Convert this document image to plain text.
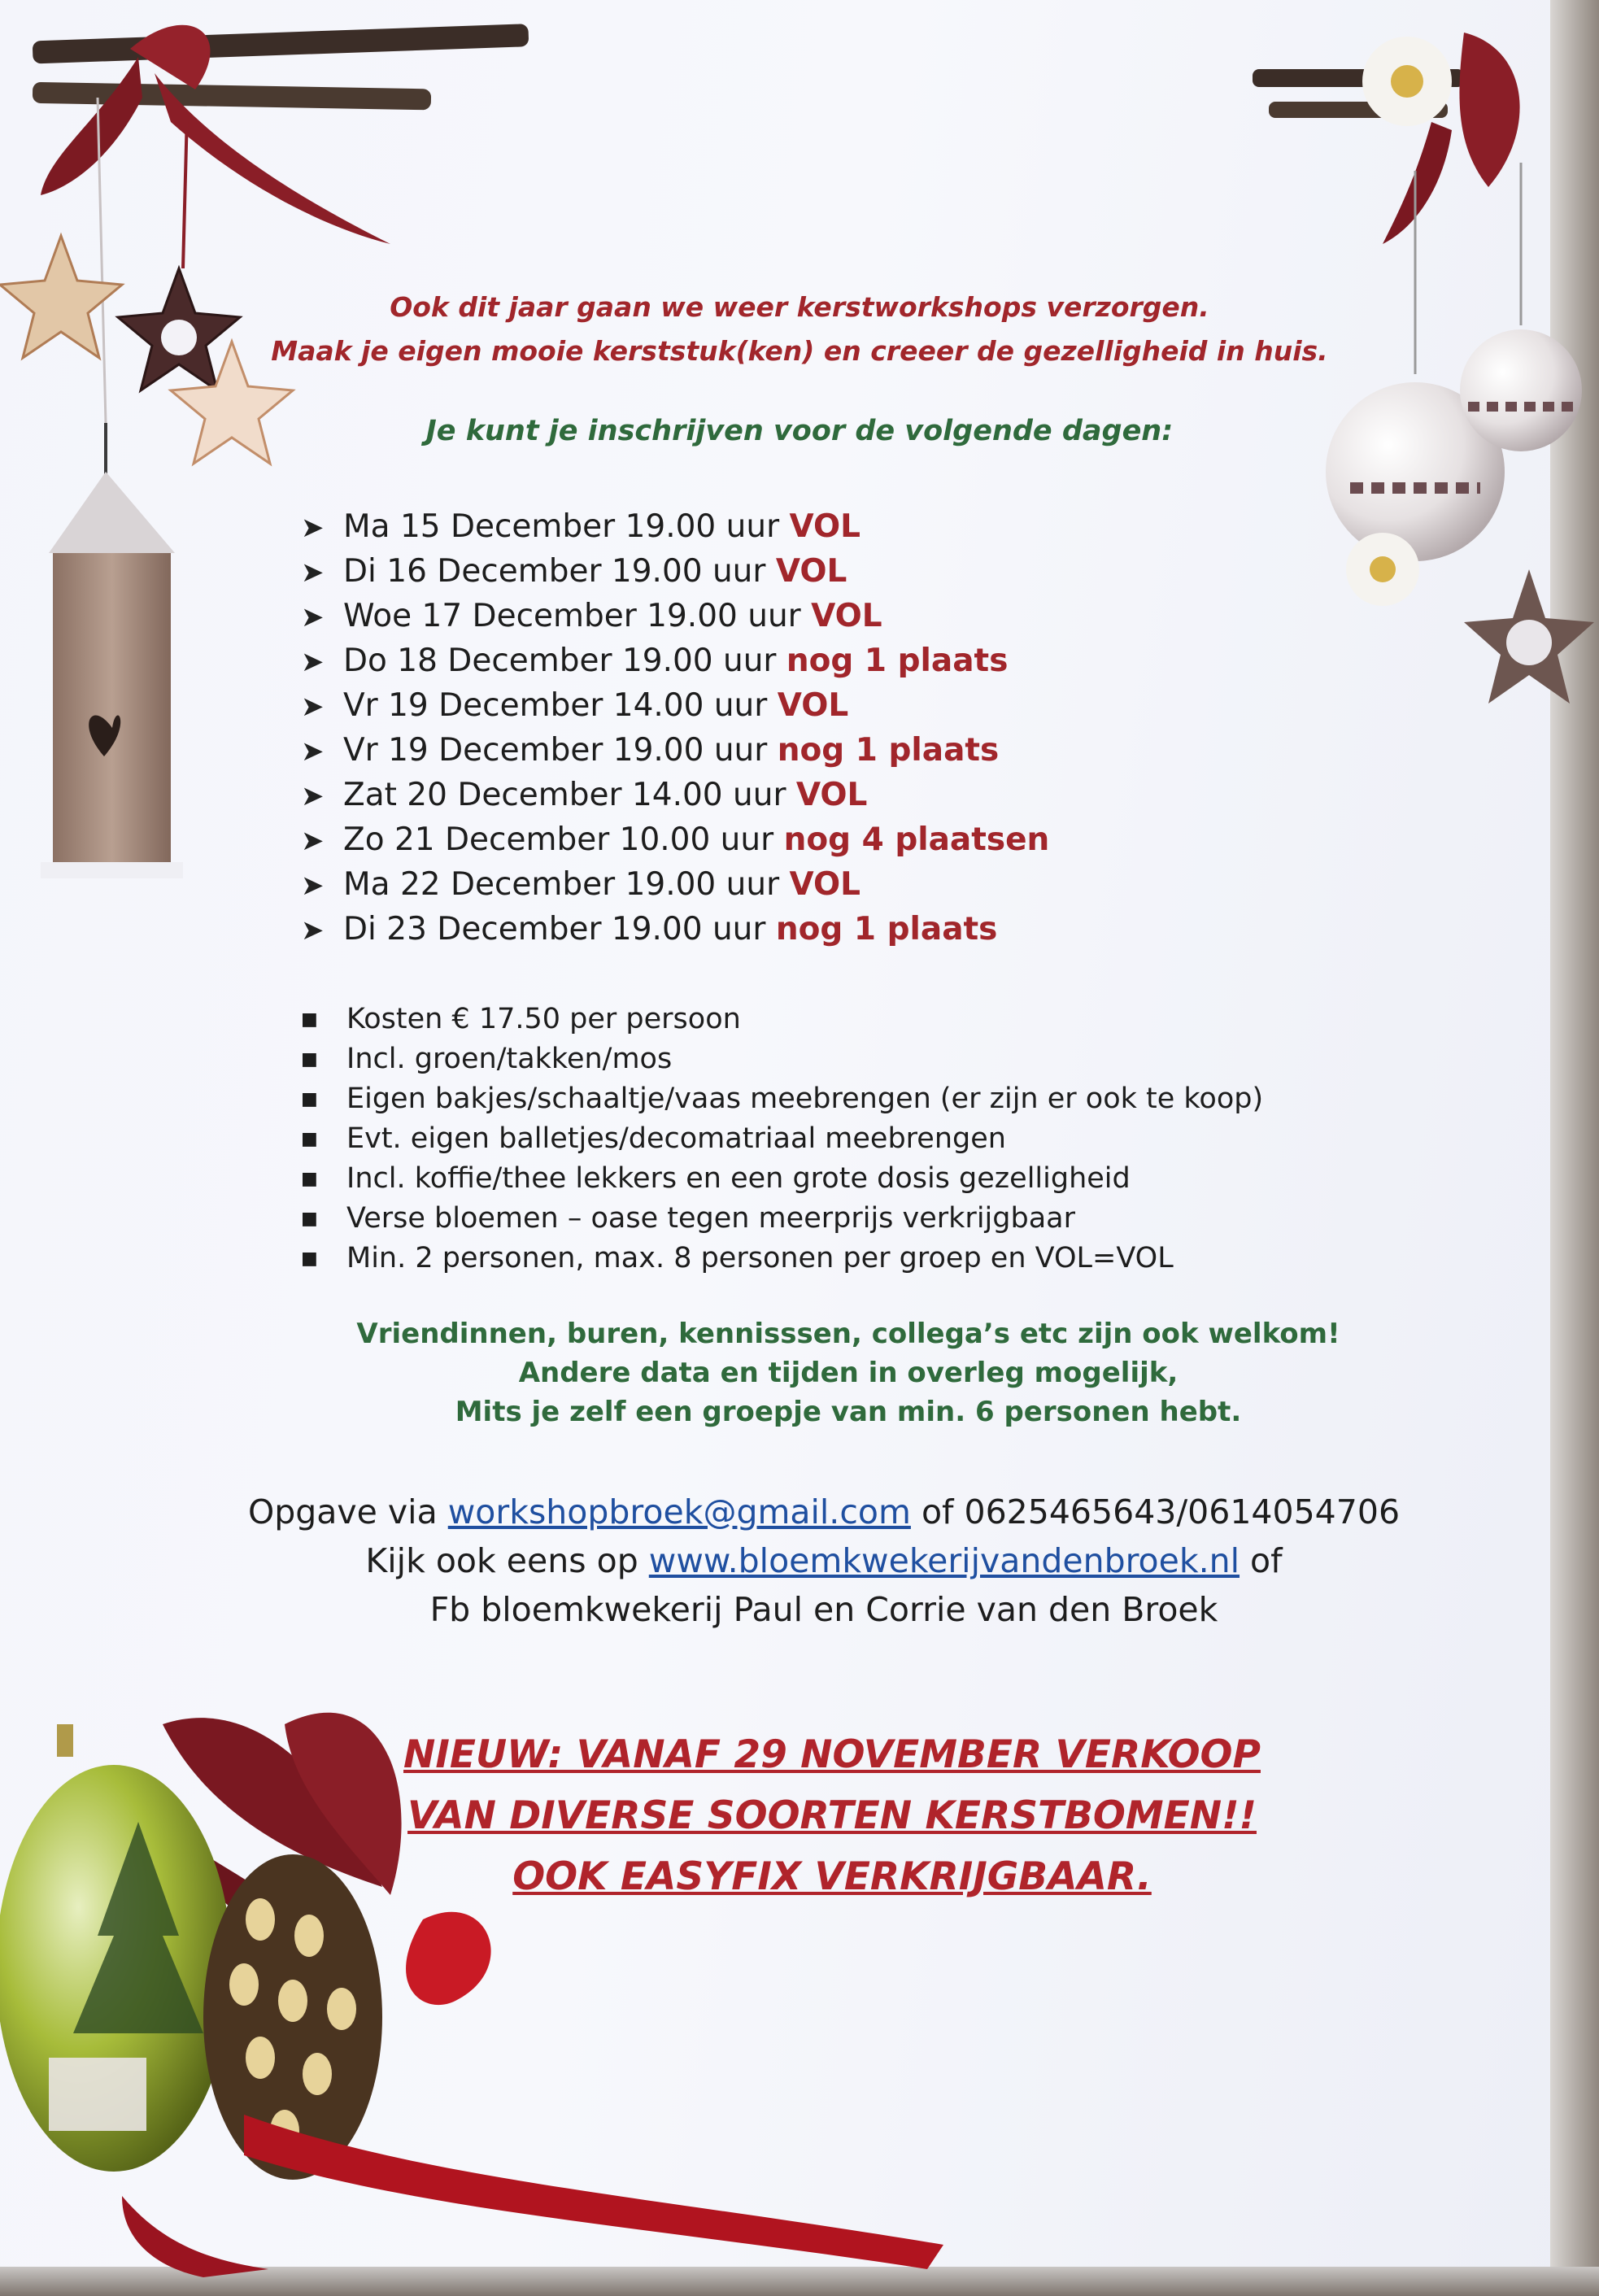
Ook dit jaar gaan we weer kerstworkshops verzorgen.
Maak je eigen mooie kerststuk(ken) en creeer de gezelligheid in huis.
Je kunt je inschrijven voor de volgende dagen:
➤ Ma 15 December 19.00 uur VOL
➤ Di 16 December 19.00 uur VOL
➤ Woe 17 December 19.00 uur VOL
➤ Do 18 December 19.00 uur nog 1 plaats
➤ Vr 19 December 14.00 uur VOL
➤ Vr 19 December 19.00 uur nog 1 plaats
➤ Zat 20 December 14.00 uur VOL
➤ Zo 21 December 10.00 uur nog 4 plaatsen
➤ Ma 22 December 19.00 uur VOL
➤ Di 23 December 19.00 uur nog 1 plaats
■ Kosten € 17.50 per persoon
■ Incl. groen/takken/mos
■ Eigen bakjes/schaaltje/vaas meebrengen (er zijn er ook te koop)
■ Evt. eigen balletjes/decomatriaal meebrengen
■ Incl. koffie/thee lekkers en een grote dosis gezelligheid
■ Verse bloemen – oase tegen meerprijs verkrijgbaar
■ Min. 2 personen, max. 8 personen per groep en VOL=VOL
Vriendinnen, buren, kennisssen, collega’s etc zijn ook welkom!
Andere data en tijden in overleg mogelijk,
Mits je zelf een groepje van min. 6 personen hebt.
Opgave via workshopbroek@gmail.com of 0625465643/0614054706
Kijk ook eens op www.bloemkwekerijvandenbroek.nl of
Fb bloemkwekerij Paul en Corrie van den Broek
NIEUW: VANAF 29 NOVEMBER VERKOOP
VAN DIVERSE SOORTEN KERSTBOMEN!!
OOK EASYFIX VERKRIJGBAAR.
